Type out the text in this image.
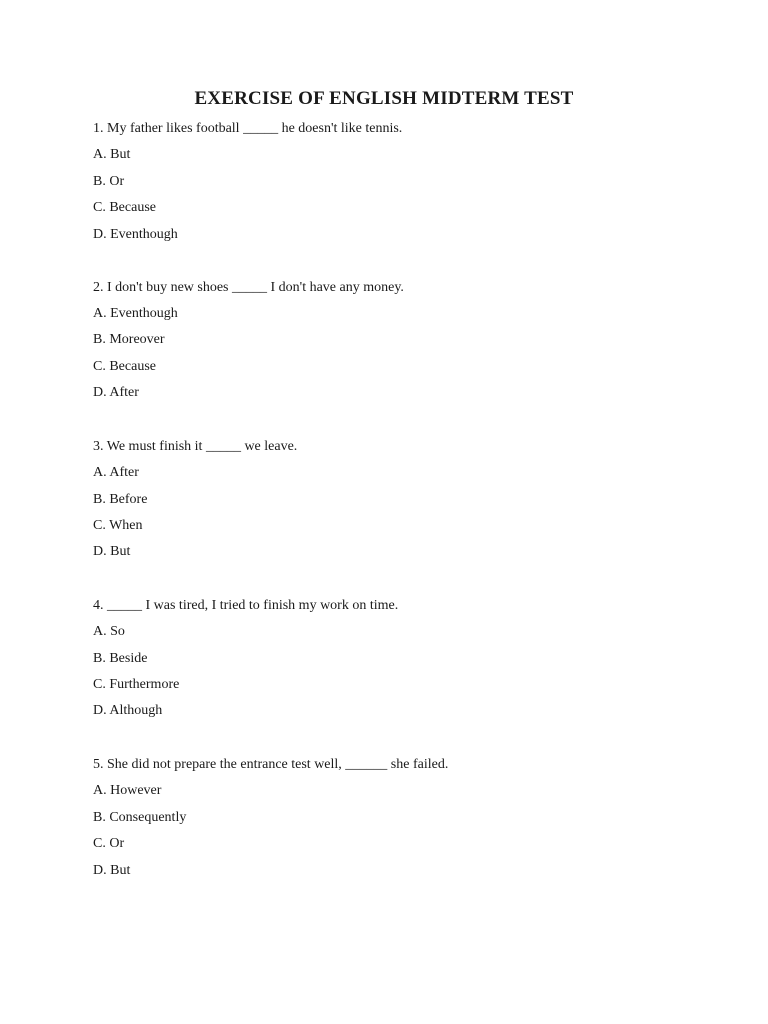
EXERCISE OF ENGLISH MIDTERM TEST
1. My father likes football _____ he doesn't like tennis.
A. But
B. Or
C. Because
D. Eventhough
2. I don't buy new shoes _____ I don't have any money.
A. Eventhough
B. Moreover
C. Because
D. After
3. We must finish it _____ we leave.
A. After
B. Before
C. When
D. But
4. _____ I was tired, I tried to finish my work on time.
A. So
B. Beside
C. Furthermore
D. Although
5. She did not prepare the entrance test well, ______ she failed.
A. However
B. Consequently
C. Or
D. But
